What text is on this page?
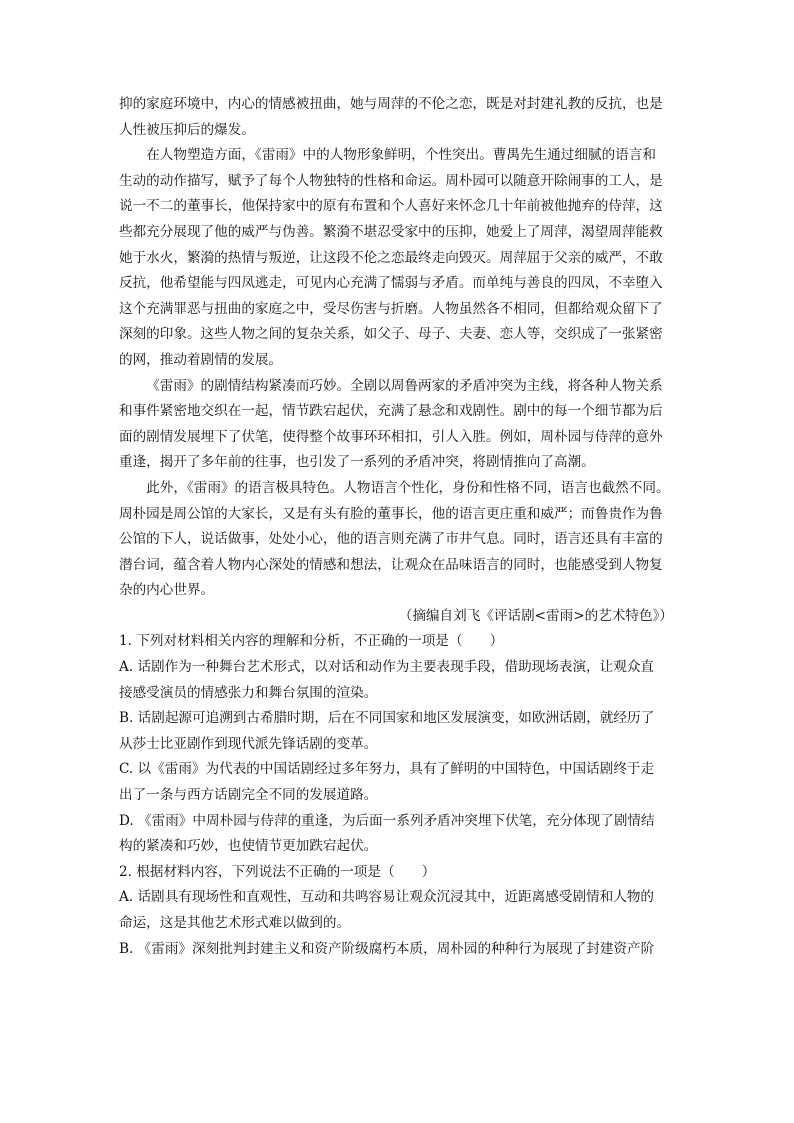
抑的家庭环境中，内心的情感被扭曲，她与周萍的不伦之恋，既是对封建礼教的反抗，也是
人性被压抑后的爆发。

在人物塑造方面，《雷雨》中的人物形象鲜明，个性突出。曹禺先生通过细腻的语言和
生动的动作描写，赋予了每个人物独特的性格和命运。周朴园可以随意开除闹事的工人，是
说一不二的董事长，他保持家中的原有布置和个人喜好来怀念几十年前被他抛弃的侍萍，这
些都充分展现了他的威严与伪善。繁漪不堪忍受家中的压抑，她爱上了周萍，渴望周萍能救
她于水火，繁漪的热情与叛逆，让这段不伦之恋最终走向毁灭。周萍屈于父亲的威严，不敢
反抗，他希望能与四凤逃走，可见内心充满了懦弱与矛盾。而单纯与善良的四凤，不幸堕入
这个充满罪恶与扭曲的家庭之中，受尽伤害与折磨。人物虽然各不相同，但都给观众留下了
深刻的印象。这些人物之间的复杂关系，如父子、母子、夫妻、恋人等，交织成了一张紧密
的网，推动着剧情的发展。

《雷雨》的剧情结构紧凑而巧妙。全剧以周鲁两家的矛盾冲突为主线，将各种人物关系
和事件紧密地交织在一起，情节跌宕起伏，充满了悬念和戏剧性。剧中的每一个细节都为后
面的剧情发展埋下了伏笔，使得整个故事环环相扣，引人入胜。例如，周朴园与侍萍的意外
重逢，揭开了多年前的往事，也引发了一系列的矛盾冲突，将剧情推向了高潮。

此外，《雷雨》的语言极具特色。人物语言个性化，身份和性格不同，语言也截然不同。
周朴园是周公馆的大家长，又是有头有脸的董事长，他的语言更庄重和威严；而鲁贵作为鲁
公馆的下人，说话做事，处处小心，他的语言则充满了市井气息。同时，语言还具有丰富的
潜台词，蕴含着人物内心深处的情感和想法，让观众在品味语言的同时，也能感受到人物复
杂的内心世界。

（摘编自刘飞《评话剧<雷雨>的艺术特色》）

1. 下列对材料相关内容的理解和分析，不正确的一项是（　　）

A. 话剧作为一种舞台艺术形式，以对话和动作为主要表现手段，借助现场表演，让观众直
接感受演员的情感张力和舞台氛围的渲染。

B. 话剧起源可追溯到古希腊时期，后在不同国家和地区发展演变，如欧洲话剧，就经历了
从莎士比亚剧作到现代派先锋话剧的变革。

C. 以《雷雨》为代表的中国话剧经过多年努力，具有了鲜明的中国特色，中国话剧终于走
出了一条与西方话剧完全不同的发展道路。

D. 《雷雨》中周朴园与侍萍的重逢，为后面一系列矛盾冲突埋下伏笔，充分体现了剧情结
构的紧凑和巧妙，也使情节更加跌宕起伏。

2. 根据材料内容，下列说法不正确的一项是（　　）

A. 话剧具有现场性和直观性，互动和共鸣容易让观众沉浸其中，近距离感受剧情和人物的
命运，这是其他艺术形式难以做到的。

B. 《雷雨》深刻批判封建主义和资产阶级腐朽本质，周朴园的种种行为展现了封建资产阶
